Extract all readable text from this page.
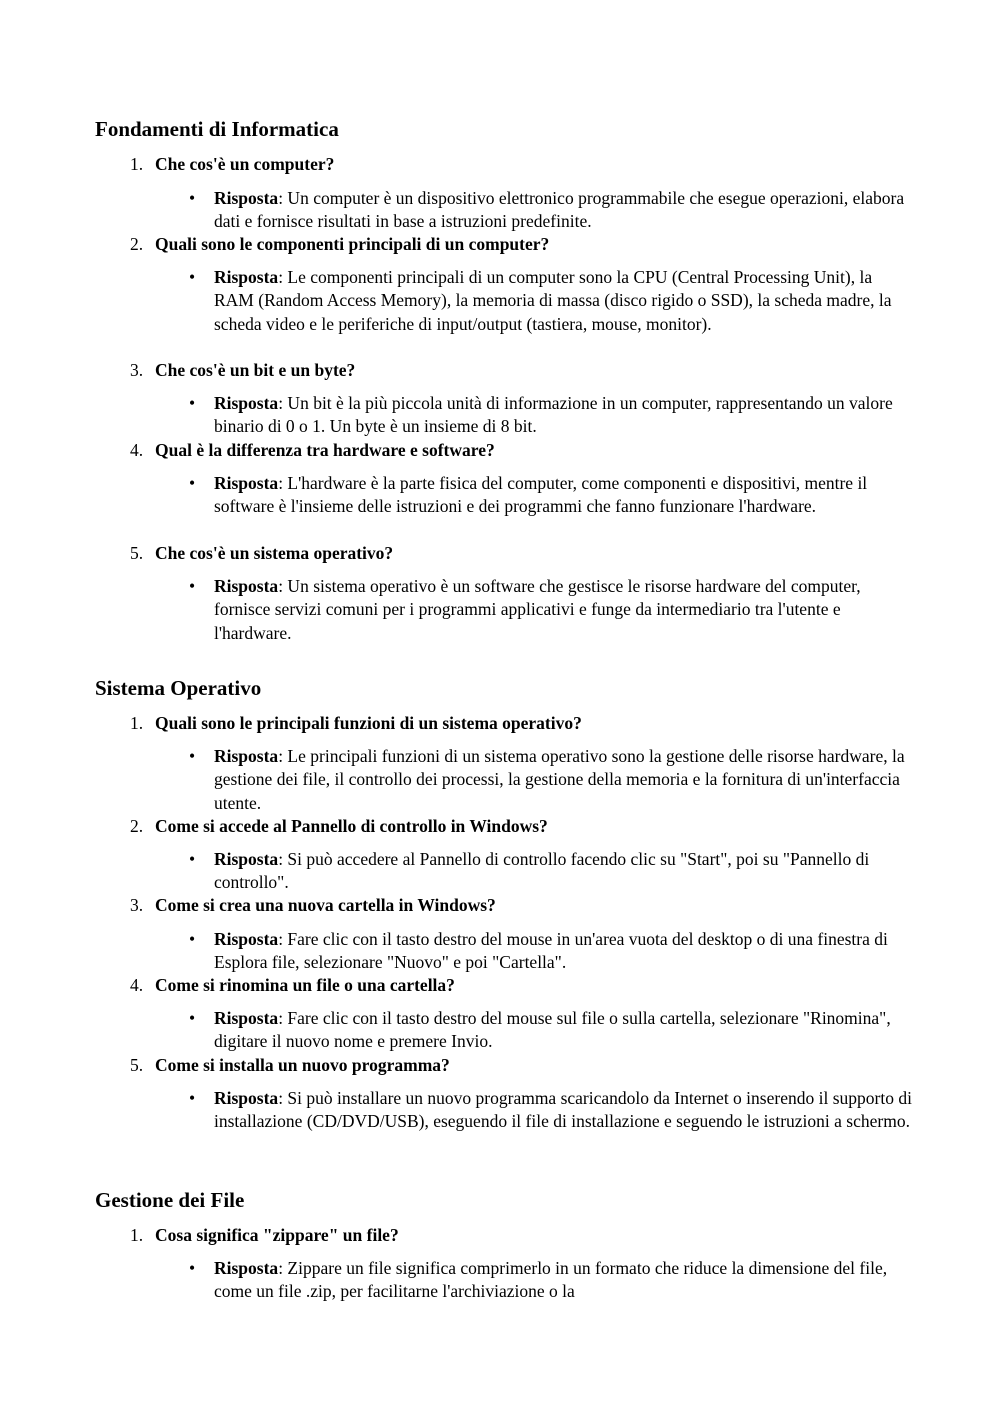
Fondamenti di Informatica
1. Che cos'è un computer?
• Risposta: Un computer è un dispositivo elettronico programmabile che esegue operazioni, elabora dati e fornisce risultati in base a istruzioni predefinite.
2. Quali sono le componenti principali di un computer?
• Risposta: Le componenti principali di un computer sono la CPU (Central Processing Unit), la RAM (Random Access Memory), la memoria di massa (disco rigido o SSD), la scheda madre, la scheda video e le periferiche di input/output (tastiera, mouse, monitor).
3. Che cos'è un bit e un byte?
• Risposta: Un bit è la più piccola unità di informazione in un computer, rappresentando un valore binario di 0 o 1. Un byte è un insieme di 8 bit.
4. Qual è la differenza tra hardware e software?
• Risposta: L'hardware è la parte fisica del computer, come componenti e dispositivi, mentre il software è l'insieme delle istruzioni e dei programmi che fanno funzionare l'hardware.
5. Che cos'è un sistema operativo?
• Risposta: Un sistema operativo è un software che gestisce le risorse hardware del computer, fornisce servizi comuni per i programmi applicativi e funge da intermediario tra l'utente e l'hardware.
Sistema Operativo
1. Quali sono le principali funzioni di un sistema operativo?
• Risposta: Le principali funzioni di un sistema operativo sono la gestione delle risorse hardware, la gestione dei file, il controllo dei processi, la gestione della memoria e la fornitura di un'interfaccia utente.
2. Come si accede al Pannello di controllo in Windows?
• Risposta: Si può accedere al Pannello di controllo facendo clic su "Start", poi su "Pannello di controllo".
3. Come si crea una nuova cartella in Windows?
• Risposta: Fare clic con il tasto destro del mouse in un'area vuota del desktop o di una finestra di Esplora file, selezionare "Nuovo" e poi "Cartella".
4. Come si rinomina un file o una cartella?
• Risposta: Fare clic con il tasto destro del mouse sul file o sulla cartella, selezionare "Rinomina", digitare il nuovo nome e premere Invio.
5. Come si installa un nuovo programma?
• Risposta: Si può installare un nuovo programma scaricandolo da Internet o inserendo il supporto di installazione (CD/DVD/USB), eseguendo il file di installazione e seguendo le istruzioni a schermo.
Gestione dei File
1. Cosa significa "zippare" un file?
• Risposta: Zippare un file significa comprimerlo in un formato che riduce la dimensione del file, come un file .zip, per facilitarne l'archiviazione o la
